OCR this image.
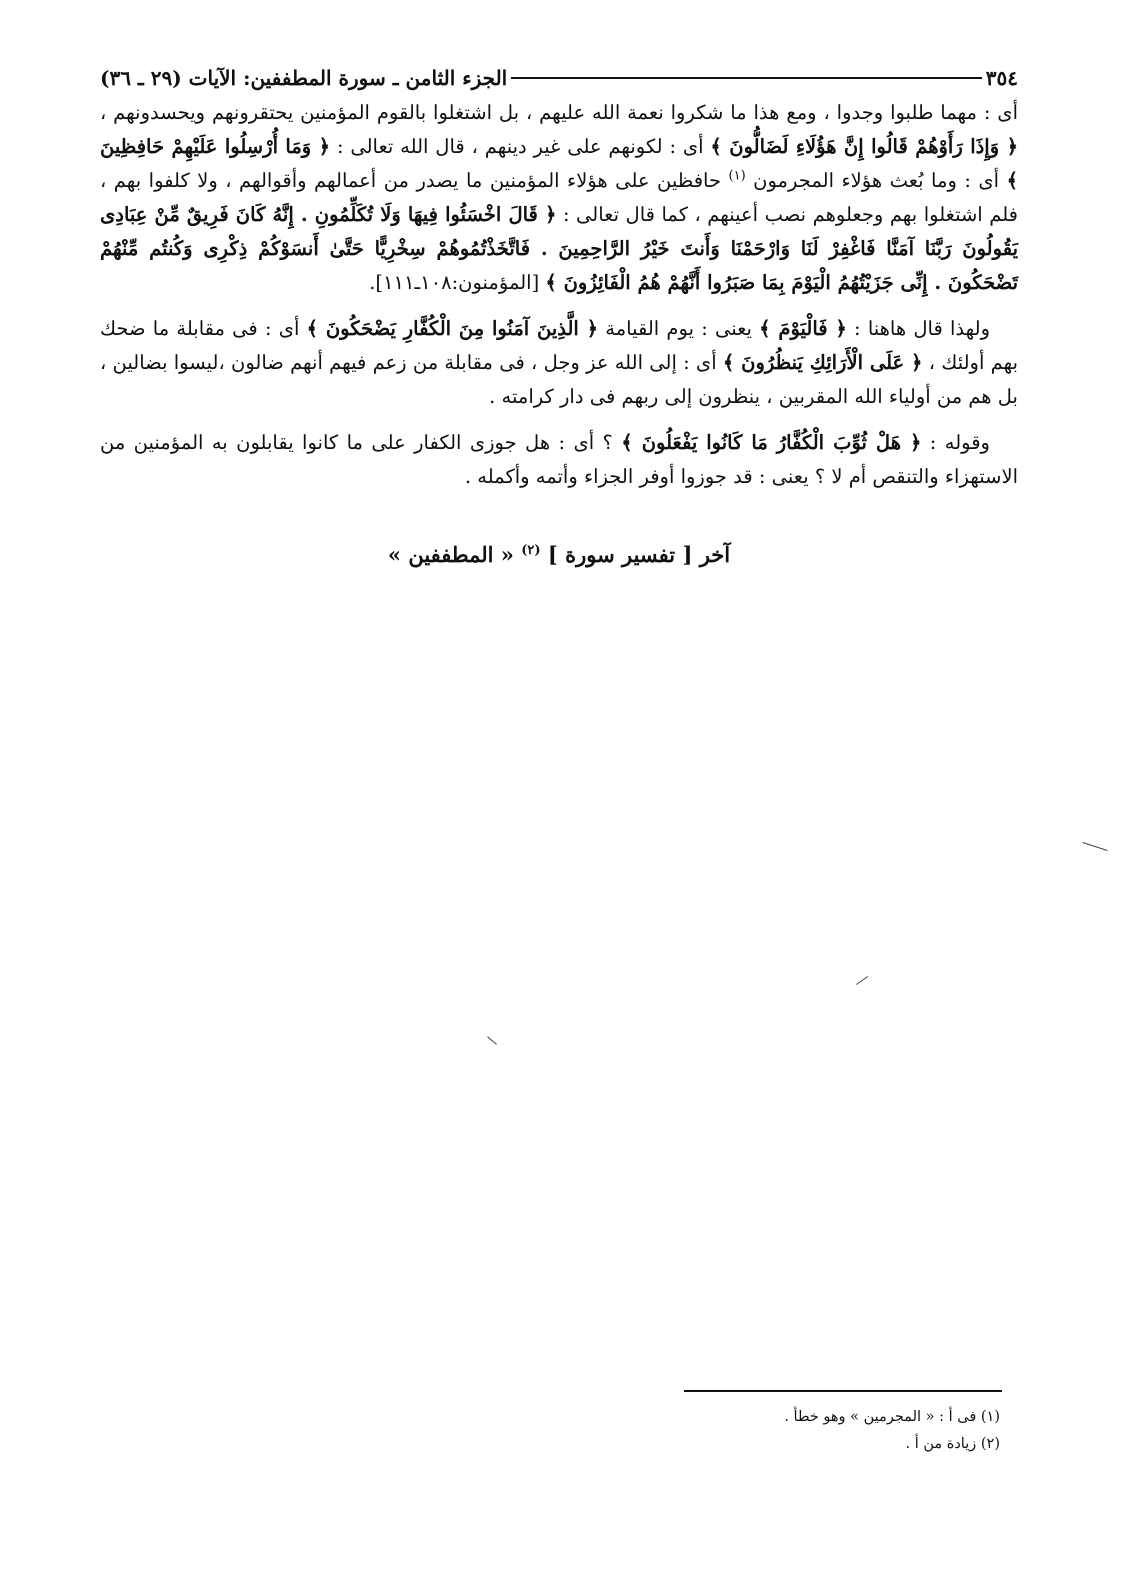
٣٥٤
الجزء الثامن ـ سورة المطففين: الآيات (٢٩ ـ ٣٦)

أى : مهما طلبوا وجدوا ، ومع هذا ما شكروا نعمة الله عليهم ، بل اشتغلوا بالقوم المؤمنين يحتقرونهم ويحسدونهم ، ﴿ وَإِذَا رَأَوْهُمْ قَالُوا إِنَّ هَؤُلَاءِ لَضَالُّونَ ﴾ أى : لكونهم على غير دينهم ، قال الله تعالى : ﴿ وَمَا أُرْسِلُوا عَلَيْهِمْ حَافِظِينَ ﴾ أى : وما بُعث هؤلاء المجرمون $^{(١)}$ حافظين على هؤلاء المؤمنين ما يصدر من أعمالهم وأقوالهم ، ولا كلفوا بهم ، فلم اشتغلوا بهم وجعلوهم نصب أعينهم ، كما قال تعالى : ﴿ قَالَ اخْسَئُوا فِيهَا وَلَا تُكَلِّمُونِ . إِنَّهُ كَانَ فَرِيقٌ مِّنْ عِبَادِى يَقُولُونَ رَبَّنَا آمَنَّا فَاغْفِرْ لَنَا وَارْحَمْنَا وَأَنتَ خَيْرُ الرَّاحِمِينَ . فَاتَّخَذْتُمُوهُمْ سِخْرِيًّا حَتَّىٰ أَنسَوْكُمْ ذِكْرِى وَكُنتُم مِّنْهُمْ تَضْحَكُونَ . إِنِّى جَزَيْتُهُمُ الْيَوْمَ بِمَا صَبَرُوا أَنَّهُمْ هُمُ الْفَائِزُونَ ﴾ [المؤمنون:١٠٨ـ١١١].

ولهذا قال هاهنا : ﴿ فَالْيَوْمَ ﴾ يعنى : يوم القيامة ﴿ الَّذِينَ آمَنُوا مِنَ الْكُفَّارِ يَضْحَكُونَ ﴾ أى : فى مقابلة ما ضحك بهم أولئك ، ﴿ عَلَى الْأَرَائِكِ يَنظُرُونَ ﴾ أى : إلى الله عز وجل ، فى مقابلة من زعم فيهم أنهم ضالون ،ليسوا بضالين ، بل هم من أولياء الله المقربين ، ينظرون إلى ربهم فى دار كرامته .

وقوله : ﴿ هَلْ ثُوِّبَ الْكُفَّارُ مَا كَانُوا يَفْعَلُونَ ﴾ ؟ أى : هل جوزى الكفار على ما كانوا يقابلون به المؤمنين من الاستهزاء والتنقص أم لا ؟ يعنى : قد جوزوا أوفر الجزاء وأتمه وأكمله .

آخر [ تفسير سورة ] $^{(٢)}$ « المطففين »
(١) فى أ : « المجرمين » وهو خطأ .
(٢) زيادة من أ .
